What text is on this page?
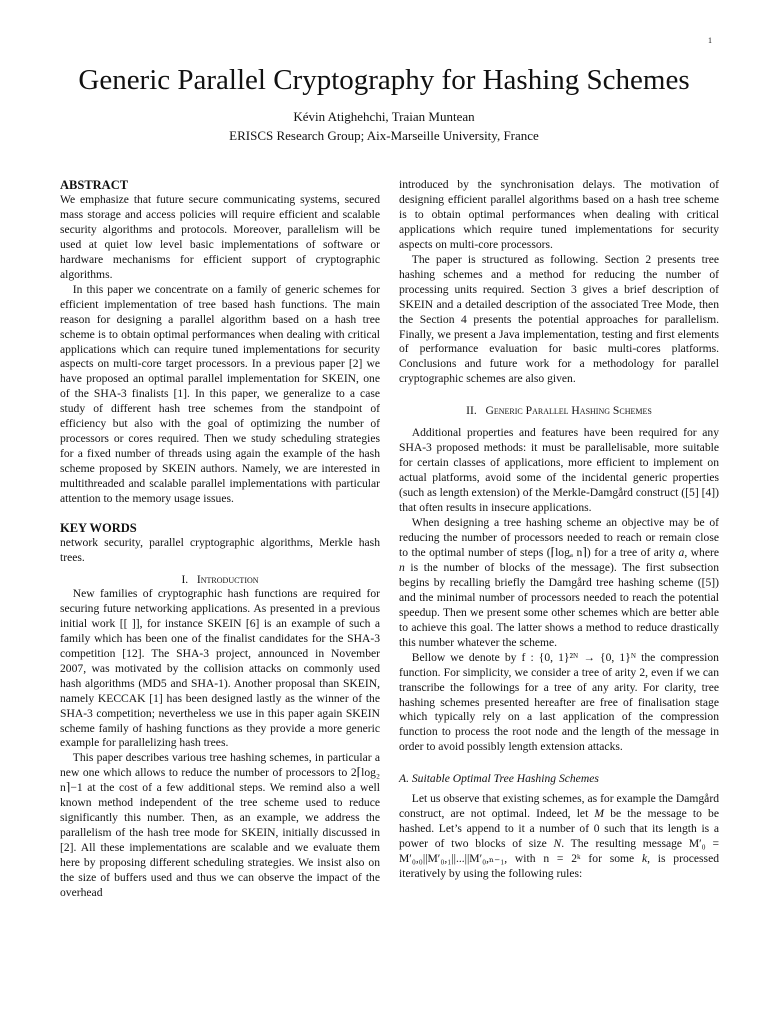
1
Generic Parallel Cryptography for Hashing Schemes
Kévin Atighehchi, Traian Muntean
ERISCS Research Group; Aix-Marseille University, France
ABSTRACT

We emphasize that future secure communicating systems, secured mass storage and access policies will require efficient and scalable security algorithms and protocols. Moreover, parallelism will be used at quiet low level basic implementations of software or hardware mechanisms for efficient support of cryptographic algorithms.

In this paper we concentrate on a family of generic schemes for efficient implementation of tree based hash functions. The main reason for designing a parallel algorithm based on a hash tree scheme is to obtain optimal performances when dealing with critical applications which can require tuned implementations for security aspects on multi-core target processors. In a previous paper [2] we have proposed an optimal parallel implementation for SKEIN, one of the SHA-3 finalists [1]. In this paper, we generalize to a case study of different hash tree schemes from the standpoint of efficiency but also with the goal of optimizing the number of processors or cores required. Then we study scheduling strategies for a fixed number of threads using again the example of the hash scheme proposed by SKEIN authors. Namely, we are interested in multithreaded and scalable parallel implementations with particular attention to the memory usage issues.

KEY WORDS

network security, parallel cryptographic algorithms, Merkle hash trees.

I. Introduction

New families of cryptographic hash functions are required for securing future networking applications. As presented in a previous initial work [[ ]], for instance SKEIN [6] is an example of such a family which has been one of the finalist candidates for the SHA-3 competition [12]. The SHA-3 project, announced in November 2007, was motivated by the collision attacks on commonly used hash algorithms (MD5 and SHA-1). Another proposal than SKEIN, namely KECCAK [1] has been designed lastly as the winner of the SHA-3 competition; nevertheless we use in this paper again SKEIN scheme family of hashing functions as they provide a more generic example for parallelizing hash trees.

This paper describes various tree hashing schemes, in particular a new one which allows to reduce the number of processors to 2⌈log₂ n⌉−1 at the cost of a few additional steps. We remind also a well known method independent of the tree scheme used to reduce significantly this number. Then, as an example, we address the parallelism of the hash tree mode for SKEIN, initially discussed in [2]. All these implementations are scalable and we evaluate them here by proposing different scheduling strategies. We insist also on the size of buffers used and thus we can observe the impact of the overhead

introduced by the synchronisation delays. The motivation of designing efficient parallel algorithms based on a hash tree scheme is to obtain optimal performances when dealing with critical applications which require tuned implementations for security aspects on multi-core processors.

The paper is structured as following. Section 2 presents tree hashing schemes and a method for reducing the number of processing units required. Section 3 gives a brief description of SKEIN and a detailed description of the associated Tree Mode, then the Section 4 presents the potential approaches for parallelism. Finally, we present a Java implementation, testing and first elements of performance evaluation for basic multi-cores platforms. Conclusions and future work for a methodology for parallel cryptographic schemes are also given.

II. Generic Parallel Hashing Schemes

Additional properties and features have been required for any SHA-3 proposed methods: it must be parallelisable, more suitable for certain classes of applications, more efficient to implement on actual platforms, avoid some of the incidental generic properties (such as length extension) of the Merkle-Damgård construct ([5] [4]) that often results in insecure applications.

When designing a tree hashing scheme an objective may be of reducing the number of processors needed to reach or remain close to the optimal number of steps (⌈logₐ n⌉) for a tree of arity a, where n is the number of blocks of the message). The first subsection begins by recalling briefly the Damgård tree hashing scheme ([5]) and the minimal number of processors needed to reach the potential speedup. Then we present some other schemes which are better able to achieve this goal. The latter shows a method to reduce drastically this number whatever the scheme.

Bellow we denote by f : {0, 1}²ᴺ → {0, 1}ᴺ the compression function. For simplicity, we consider a tree of arity 2, even if we can transcribe the followings for a tree of any arity. For clarity, tree hashing schemes presented hereafter are free of finalisation stage which typically rely on a last application of the compression function to process the root node and the length of the message in order to avoid possibly length extension attacks.

A. Suitable Optimal Tree Hashing Schemes

Let us observe that existing schemes, as for example the Damgård construct, are not optimal. Indeed, let M be the message to be hashed. Let’s append to it a number of 0 such that its length is a power of two blocks of size N. The resulting message M′₀ = M′₀,₀||M′₀,₁||...||M′₀,ₙ₋₁, with n = 2ᵏ for some k, is processed iteratively by using the following rules:
